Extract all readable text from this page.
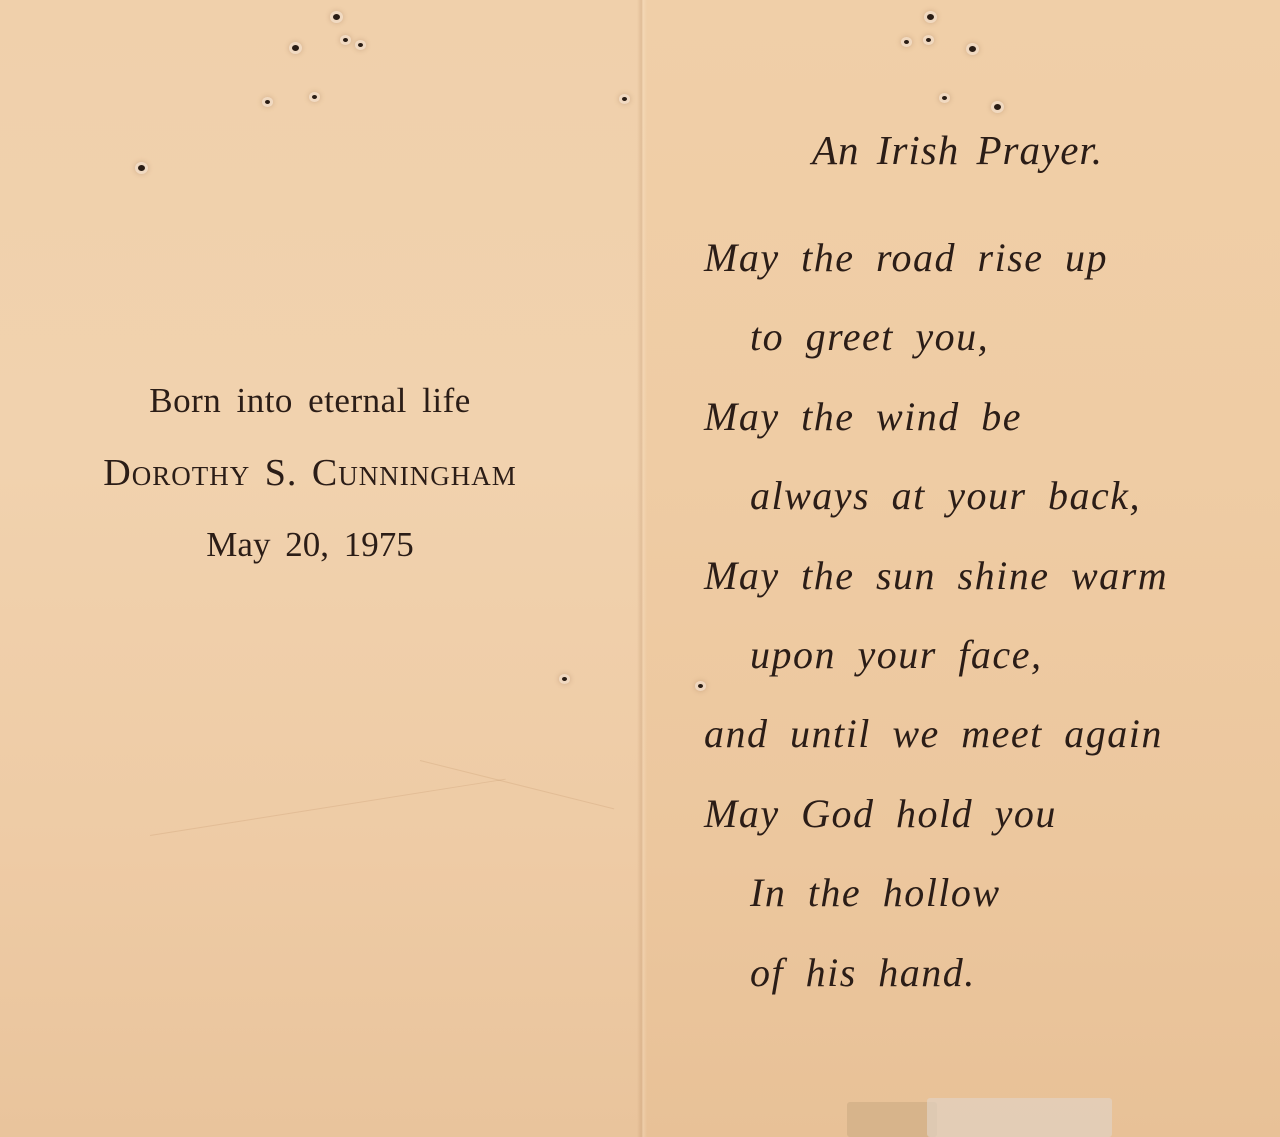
Born into eternal life
Dorothy S. Cunningham
May 20, 1975
An Irish Prayer.
May the road rise up
to greet you,
May the wind be
always at your back,
May the sun shine warm
upon your face,
and until we meet again
May God hold you
In the hollow
of his hand.
